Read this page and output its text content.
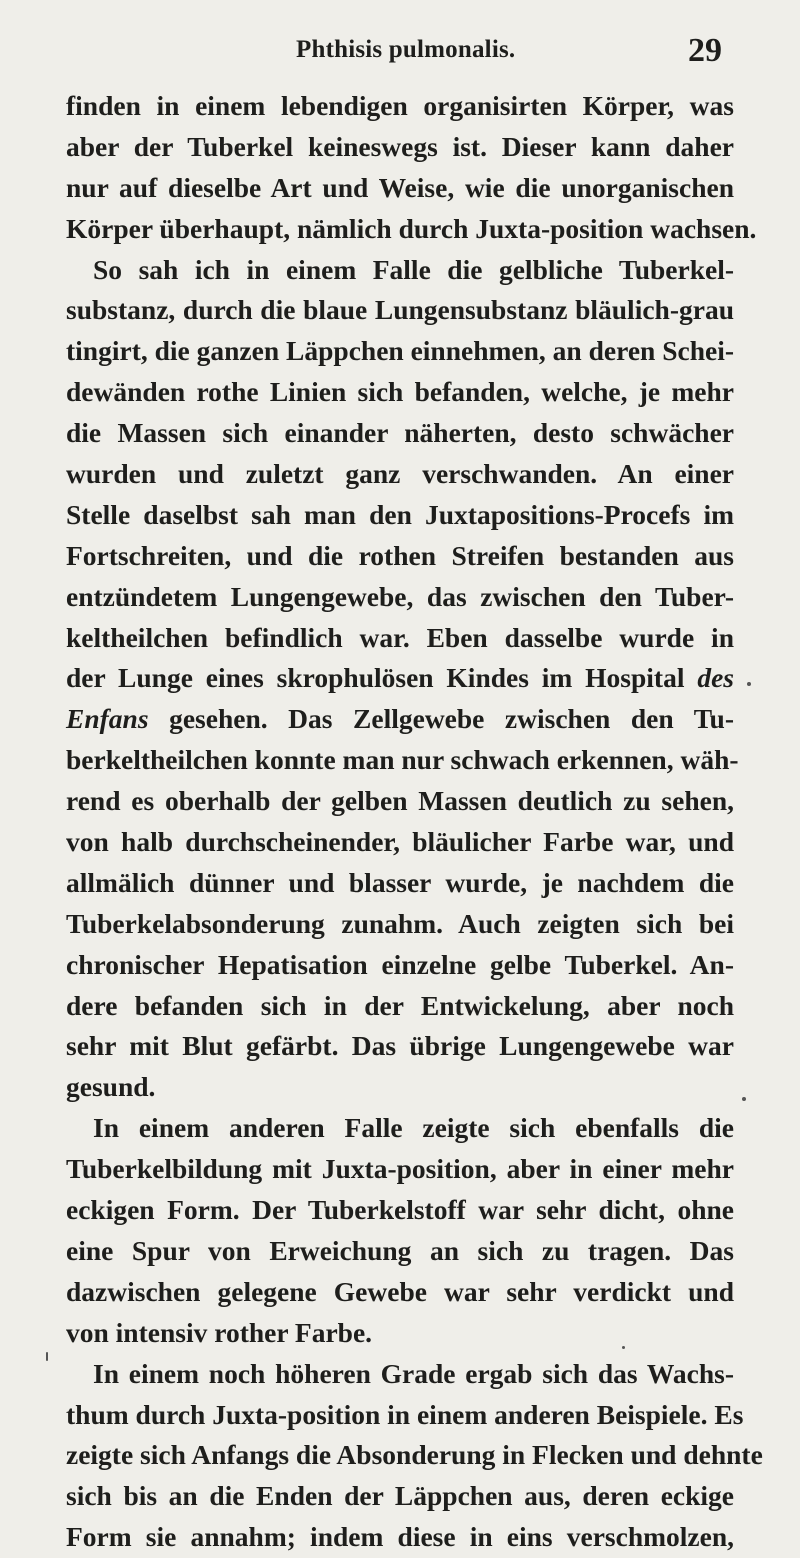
Phthisis pulmonalis.	29
finden in einem lebendigen organisirten Körper, was
aber der Tuberkel keineswegs ist. Dieser kann daher
nur auf dieselbe Art und Weise, wie die unorganischen
Körper überhaupt, nämlich durch Juxta-position wachsen.
So sah ich in einem Falle die gelbliche Tuberkel-
substanz, durch die blaue Lungensubstanz bläulich-grau
tingirt, die ganzen Läppchen einnehmen, an deren Schei-
dewänden rothe Linien sich befanden, welche, je mehr
die Massen sich einander näherten, desto schwächer
wurden und zuletzt ganz verschwanden. An einer
Stelle daselbst sah man den Juxtapositions-Procefs im
Fortschreiten, und die rothen Streifen bestanden aus
entzündetem Lungengewebe, das zwischen den Tuber-
keltheilchen befindlich war. Eben dasselbe wurde in
der Lunge eines skrophulösen Kindes im Hospital des
Enfans gesehen. Das Zellgewebe zwischen den Tu-
berkeltheilchen konnte man nur schwach erkennen, wäh-
rend es oberhalb der gelben Massen deutlich zu sehen,
von halb durchscheinender, bläulicher Farbe war, und
allmälich dünner und blasser wurde, je nachdem die
Tuberkelabsonderung zunahm. Auch zeigten sich bei
chronischer Hepatisation einzelne gelbe Tuberkel. An-
dere befanden sich in der Entwickelung, aber noch
sehr mit Blut gefärbt. Das übrige Lungengewebe war
gesund.
In einem anderen Falle zeigte sich ebenfalls die
Tuberkelbildung mit Juxta-position, aber in einer mehr
eckigen Form. Der Tuberkelstoff war sehr dicht, ohne
eine Spur von Erweichung an sich zu tragen. Das
dazwischen gelegene Gewebe war sehr verdickt und
von intensiv rother Farbe.
In einem noch höheren Grade ergab sich das Wachs-
thum durch Juxta-position in einem anderen Beispiele. Es
zeigte sich Anfangs die Absonderung in Flecken und dehnte
sich bis an die Enden der Läppchen aus, deren eckige
Form sie annahm; indem diese in eins verschmolzen,
